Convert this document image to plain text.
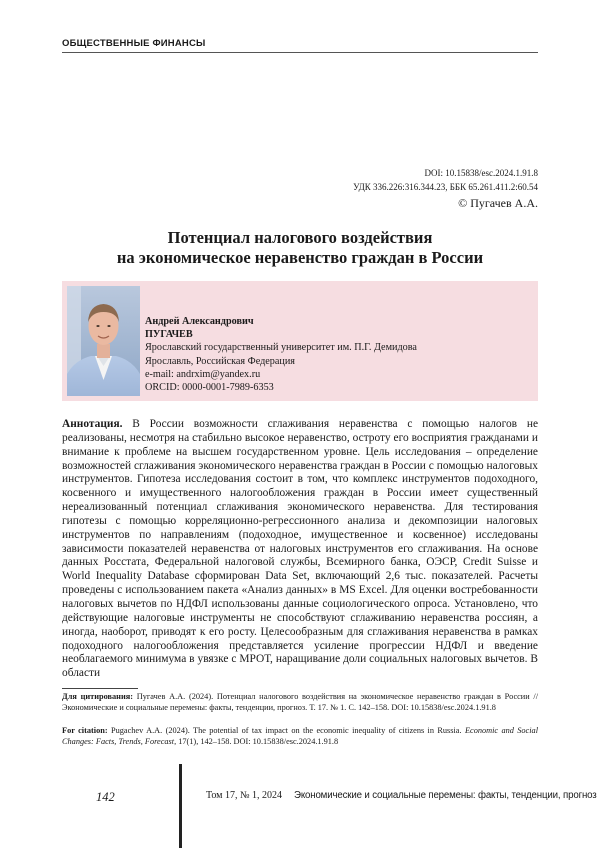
ОБЩЕСТВЕННЫЕ ФИНАНСЫ
DOI: 10.15838/esc.2024.1.91.8
УДК 336.226:316.344.23, ББК 65.261.411.2:60.54
© Пугачев А.А.
Потенциал налогового воздействия
на экономическое неравенство граждан в России
Андрей Александрович
ПУГАЧЕВ
Ярославский государственный университет им. П.Г. Демидова
Ярославль, Российская Федерация
e-mail: andrxim@yandex.ru
ORCID: 0000-0001-7989-6353
Аннотация. В России возможности сглаживания неравенства с помощью налогов не реализованы, несмотря на стабильно высокое неравенство, остроту его восприятия гражданами и внимание к проблеме на высшем государственном уровне. Цель исследования – определение возможностей сглаживания экономического неравенства граждан в России с помощью налоговых инструментов. Гипотеза исследования состоит в том, что комплекс инструментов подоходного, косвенного и имущественного налогообложения граждан в России имеет существенный нереализованный потенциал сглаживания экономического неравенства. Для тестирования гипотезы с помощью корреляционно-регрессионного анализа и декомпозиции налоговых инструментов по направлениям (подоходное, имущественное и косвенное) исследованы зависимости показателей неравенства от налоговых инструментов его сглаживания. На основе данных Росстата, Федеральной налоговой службы, Всемирного банка, ОЭСР, Credit Suisse и World Inequality Database сформирован Data Set, включающий 2,6 тыс. показателей. Расчеты проведены с использованием пакета «Анализ данных» в MS Excel. Для оценки востребованности налоговых вычетов по НДФЛ использованы данные социологического опроса. Установлено, что действующие налоговые инструменты не способствуют сглаживанию неравенства россиян, а иногда, наоборот, приводят к его росту. Целесообразным для сглаживания неравенства в рамках подоходного налогообложения представляется усиление прогрессии НДФЛ и введение необлагаемого минимума в увязке с МРОТ, наращивание доли социальных налоговых вычетов. В области
Для цитирования: Пугачев А.А. (2024). Потенциал налогового воздействия на экономическое неравенство граждан в России // Экономические и социальные перемены: факты, тенденции, прогноз. Т. 17. № 1. С. 142–158. DOI: 10.15838/esc.2024.1.91.8
For citation: Pugachev A.A. (2024). The potential of tax impact on the economic inequality of citizens in Russia. Economic and Social Changes: Facts, Trends, Forecast, 17(1), 142–158. DOI: 10.15838/esc.2024.1.91.8
142	Том 17, № 1, 2024 Экономические и социальные перемены: факты, тенденции, прогноз
